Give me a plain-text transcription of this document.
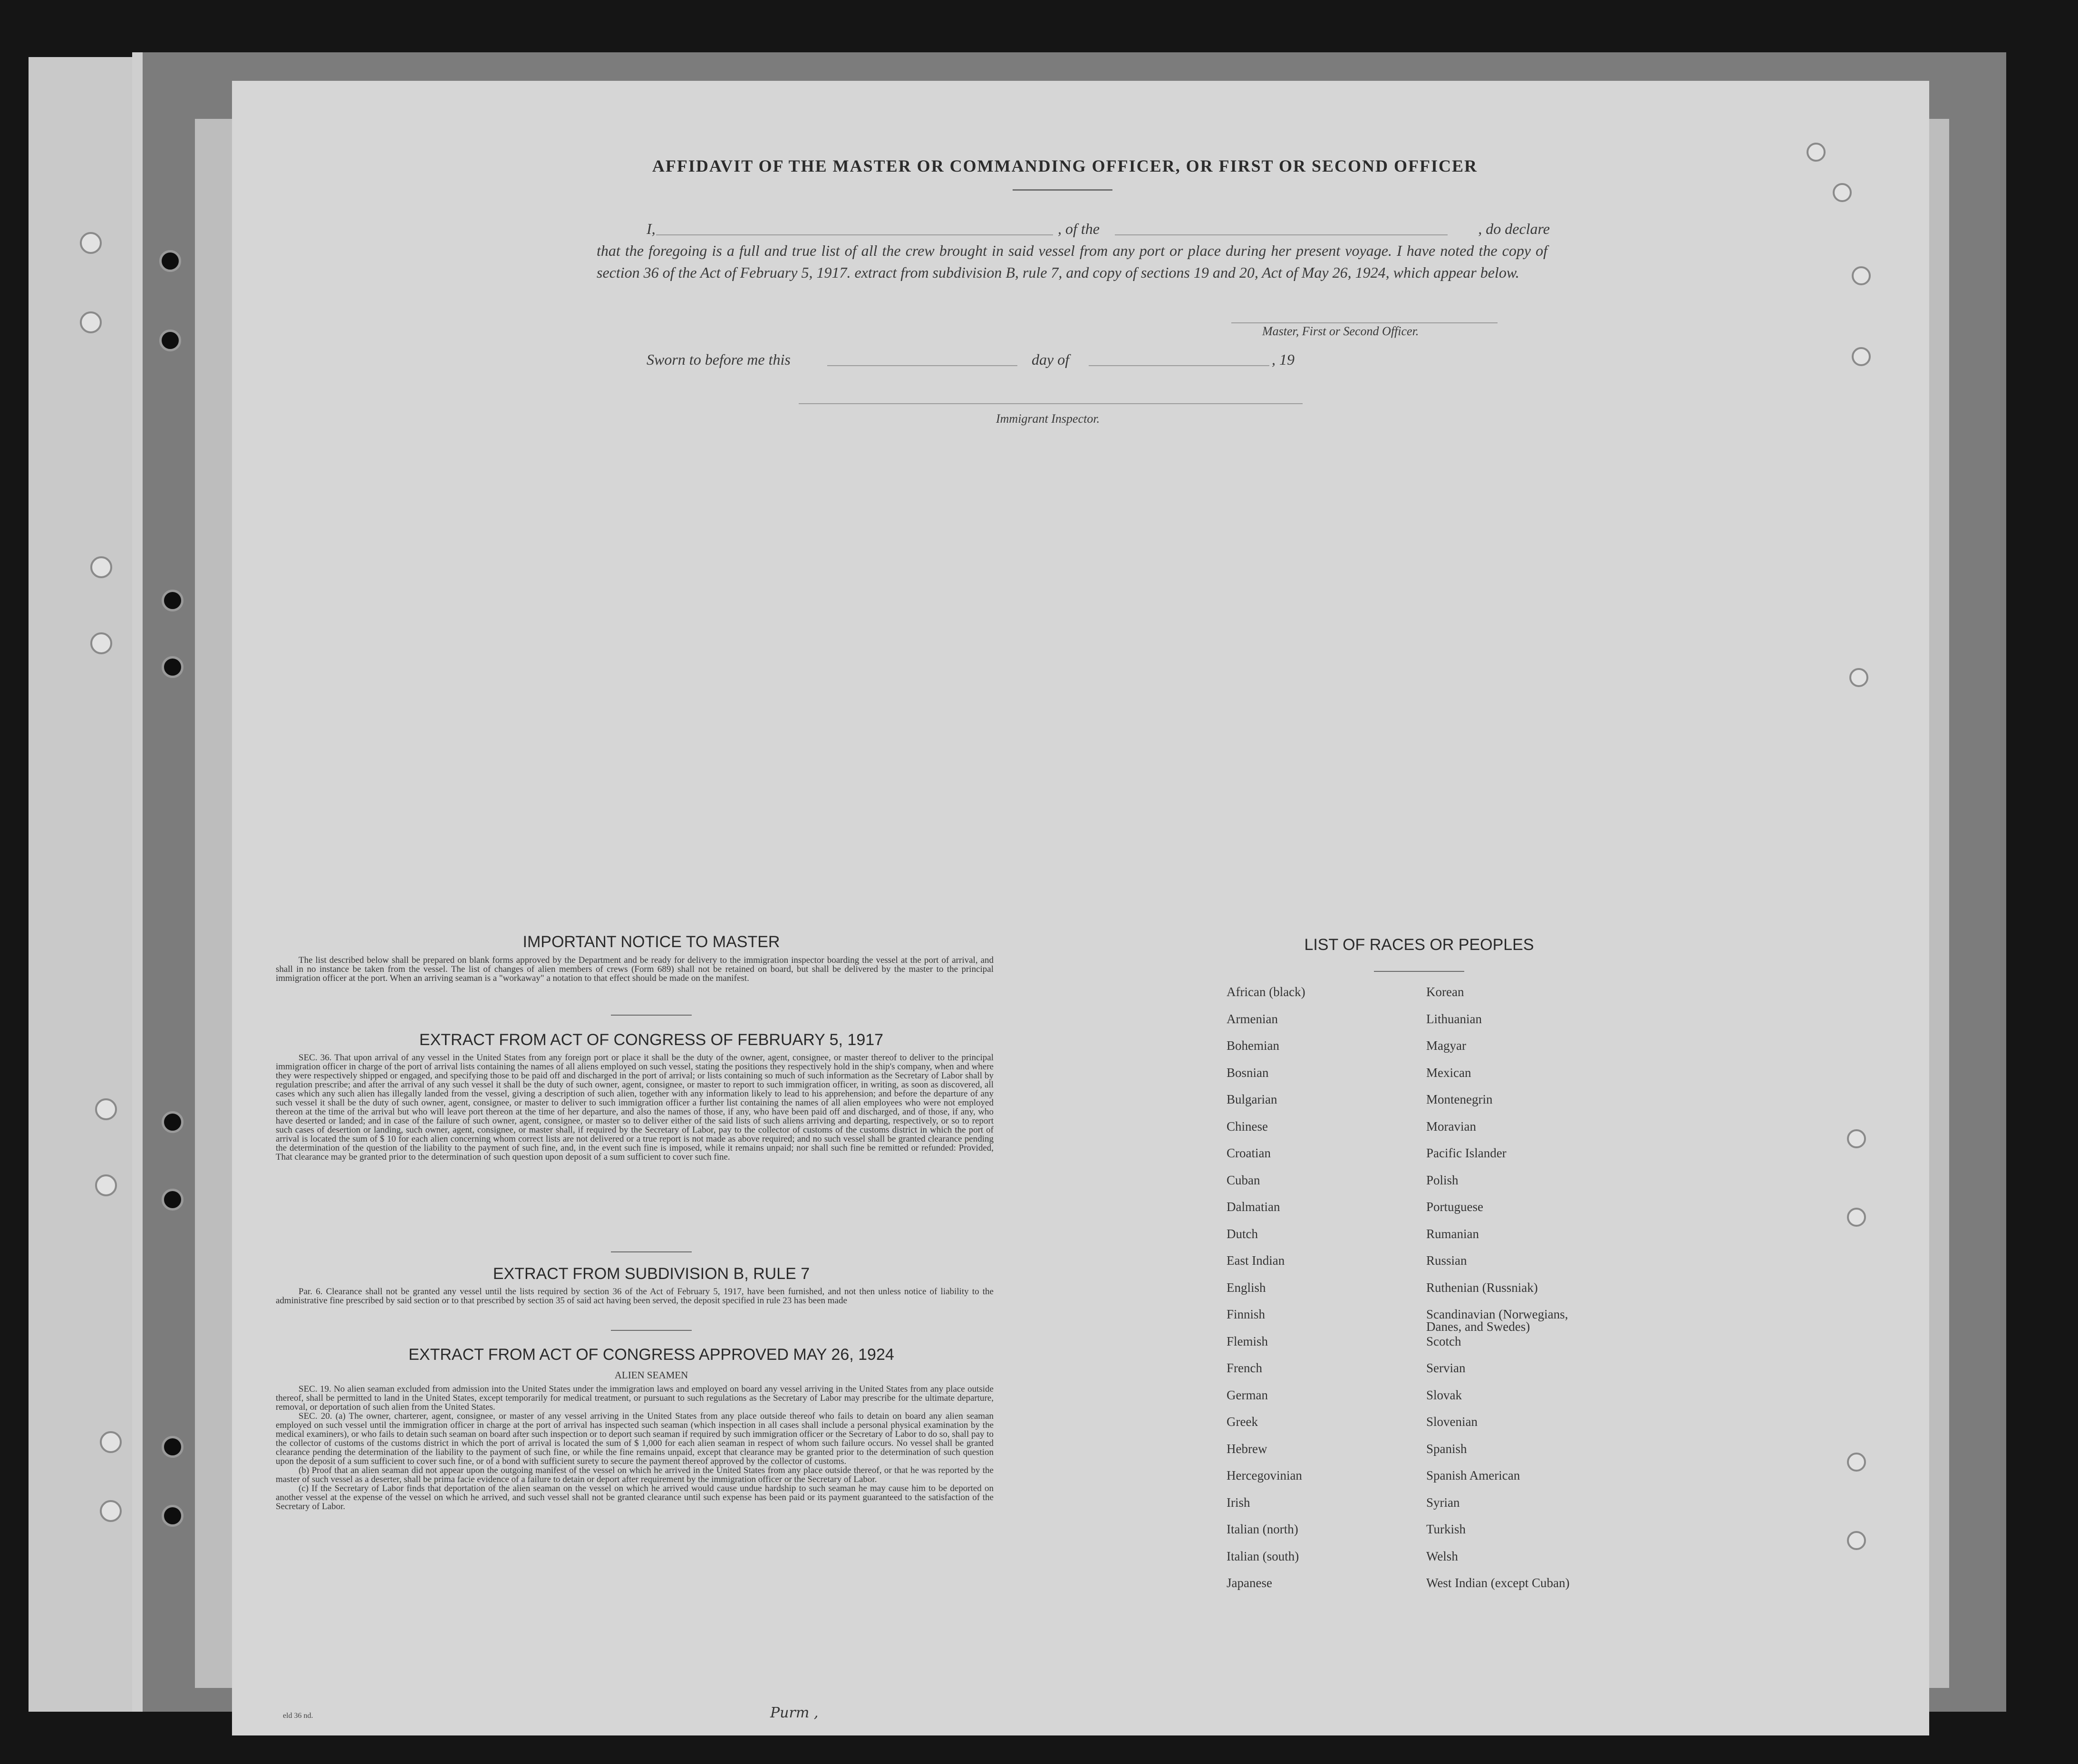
AFFIDAVIT OF THE MASTER OR COMMANDING OFFICER, OR FIRST OR SECOND OFFICER
I,	, of the	, do declare
that the foregoing is a full and true list of all the crew brought in said vessel from any port or place during her present voyage. I have noted the copy of section 36 of the Act of February 5, 1917. extract from subdivision B, rule 7, and copy of sections 19 and 20, Act of May 26, 1924, which appear below.
Master, First or Second Officer.
Sworn to before me this	day of	, 19
Immigrant Inspector.
IMPORTANT NOTICE TO MASTER

The list described below shall be prepared on blank forms approved by the Department and be ready for delivery to the immigration inspector boarding the vessel at the port of arrival, and shall in no instance be taken from the vessel. The list of changes of alien members of crews (Form 689) shall not be retained on board, but shall be delivered by the master to the principal immigration officer at the port. When an arriving seaman is a "workaway" a notation to that effect should be made on the manifest.

EXTRACT FROM ACT OF CONGRESS OF FEBRUARY 5, 1917

SEC. 36. That upon arrival of any vessel in the United States from any foreign port or place it shall be the duty of the owner, agent, consignee, or master thereof to deliver to the principal immigration officer in charge of the port of arrival lists containing the names of all aliens employed on such vessel, stating the positions they respectively hold in the ship's company, when and where they were respectively shipped or engaged, and specifying those to be paid off and discharged in the port of arrival; or lists containing so much of such information as the Secretary of Labor shall by regulation prescribe; and after the arrival of any such vessel it shall be the duty of such owner, agent, consignee, or master to report to such immigration officer, in writing, as soon as discovered, all cases which any such alien has illegally landed from the vessel, giving a description of such alien, together with any information likely to lead to his apprehension; and before the departure of any such vessel it shall be the duty of such owner, agent, consignee, or master to deliver to such immigration officer a further list containing the names of all alien employees who were not employed thereon at the time of the arrival but who will leave port thereon at the time of her departure, and also the names of those, if any, who have been paid off and discharged, and of those, if any, who have deserted or landed; and in case of the failure of such owner, agent, consignee, or master so to deliver either of the said lists of such aliens arriving and departing, respectively, or so to report such cases of desertion or landing, such owner, agent, consignee, or master shall, if required by the Secretary of Labor, pay to the collector of customs of the customs district in which the port of arrival is located the sum of $ 10 for each alien concerning whom correct lists are not delivered or a true report is not made as above required; and no such vessel shall be granted clearance pending the determination of the question of the liability to the payment of such fine, and, in the event such fine is imposed, while it remains unpaid; nor shall such fine be remitted or refunded: Provided, That clearance may be granted prior to the determination of such question upon deposit of a sum sufficient to cover such fine.

EXTRACT FROM SUBDIVISION B, RULE 7

Par. 6. Clearance shall not be granted any vessel until the lists required by section 36 of the Act of February 5, 1917, have been furnished, and not then unless notice of liability to the administrative fine prescribed by said section or to that prescribed by section 35 of said act having been served, the deposit specified in rule 23 has been made

EXTRACT FROM ACT OF CONGRESS APPROVED MAY 26, 1924
ALIEN SEAMEN

SEC. 19. No alien seaman excluded from admission into the United States under the immigration laws and employed on board any vessel arriving in the United States from any place outside thereof, shall be permitted to land in the United States, except temporarily for medical treatment, or pursuant to such regulations as the Secretary of Labor may prescribe for the ultimate departure, removal, or deportation of such alien from the United States.

SEC. 20. (a) The owner, charterer, agent, consignee, or master of any vessel arriving in the United States from any place outside thereof who fails to detain on board any alien seaman employed on such vessel until the immigration officer in charge at the port of arrival has inspected such seaman (which inspection in all cases shall include a personal physical examination by the medical examiners), or who fails to detain such seaman on board after such inspection or to deport such seaman if required by such immigration officer or the Secretary of Labor to do so, shall pay to the collector of customs of the customs district in which the port of arrival is located the sum of $ 1,000 for each alien seaman in respect of whom such failure occurs. No vessel shall be granted clearance pending the determination of the liability to the payment of such fine, or while the fine remains unpaid, except that clearance may be granted prior to the determination of such question upon the deposit of a sum sufficient to cover such fine, or of a bond with sufficient surety to secure the payment thereof approved by the collector of customs.

(b) Proof that an alien seaman did not appear upon the outgoing manifest of the vessel on which he arrived in the United States from any place outside thereof, or that he was reported by the master of such vessel as a deserter, shall be prima facie evidence of a failure to detain or deport after requirement by the immigration officer or the Secretary of Labor.

(c) If the Secretary of Labor finds that deportation of the alien seaman on the vessel on which he arrived would cause undue hardship to such seaman he may cause him to be deported on another vessel at the expense of the vessel on which he arrived, and such vessel shall not be granted clearance until such expense has been paid or its payment guaranteed to the satisfaction of the Secretary of Labor.

LIST OF RACES OR PEOPLES
African (black)	Korean
Armenian	Lithuanian
Bohemian	Magyar
Bosnian	Mexican
Bulgarian	Montenegrin
Chinese	Moravian
Croatian	Pacific Islander
Cuban	Polish
Dalmatian	Portuguese
Dutch	Rumanian
East Indian	Russian
English	Ruthenian (Russniak)
Finnish	Scandinavian (Norwegians,
Danes, and Swedes)
Flemish	Scotch
French	Servian
German	Slovak
Greek	Slovenian
Hebrew	Spanish
Hercegovinian	Spanish American
Irish	Syrian
Italian (north)	Turkish
Italian (south)	Welsh
Japanese	West Indian (except Cuban)
eld 36 nd.	Purm ,
